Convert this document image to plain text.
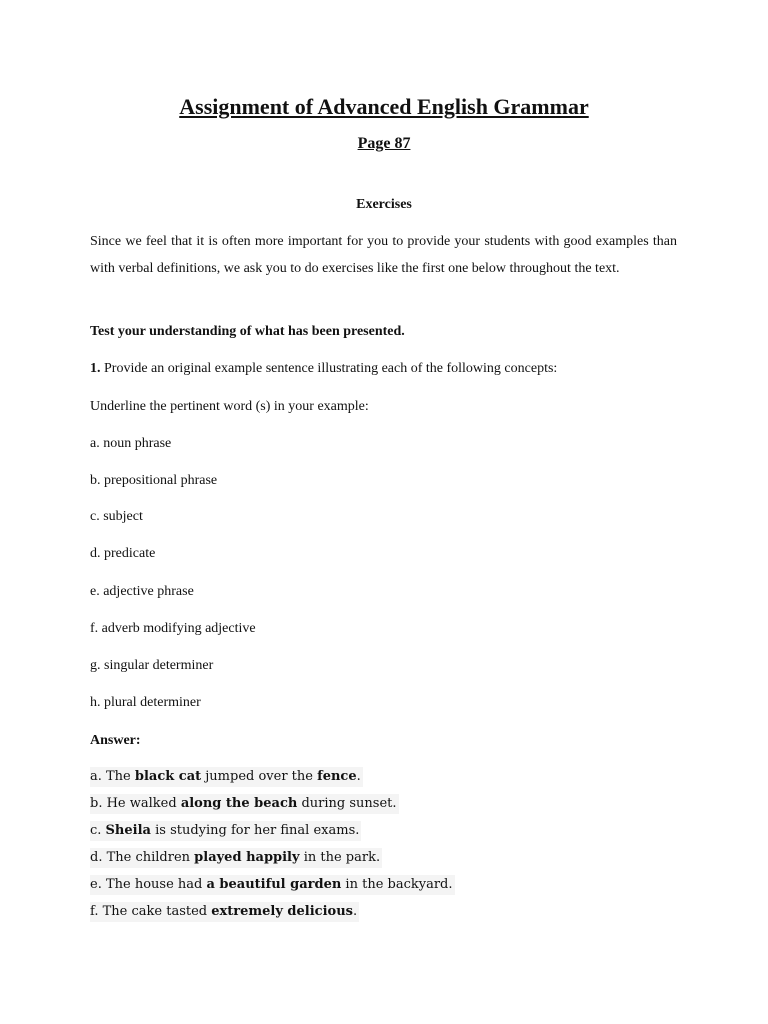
Assignment of Advanced English Grammar
Page 87
Exercises

Since we feel that it is often more important for you to provide your students with good examples than with verbal definitions, we ask you to do exercises like the first one below throughout the text.

Test your understanding of what has been presented.

1. Provide an original example sentence illustrating each of the following concepts:

Underline the pertinent word (s) in your example:

a. noun phrase

b. prepositional phrase

c. subject

d. predicate

e. adjective phrase

f. adverb modifying adjective

g. singular determiner

h. plural determiner

Answer:

a. The black cat jumped over the fence.
b. He walked along the beach during sunset.
c. Sheila is studying for her final exams.
d. The children played happily in the park.
e. The house had a beautiful garden in the backyard.
f. The cake tasted extremely delicious.
